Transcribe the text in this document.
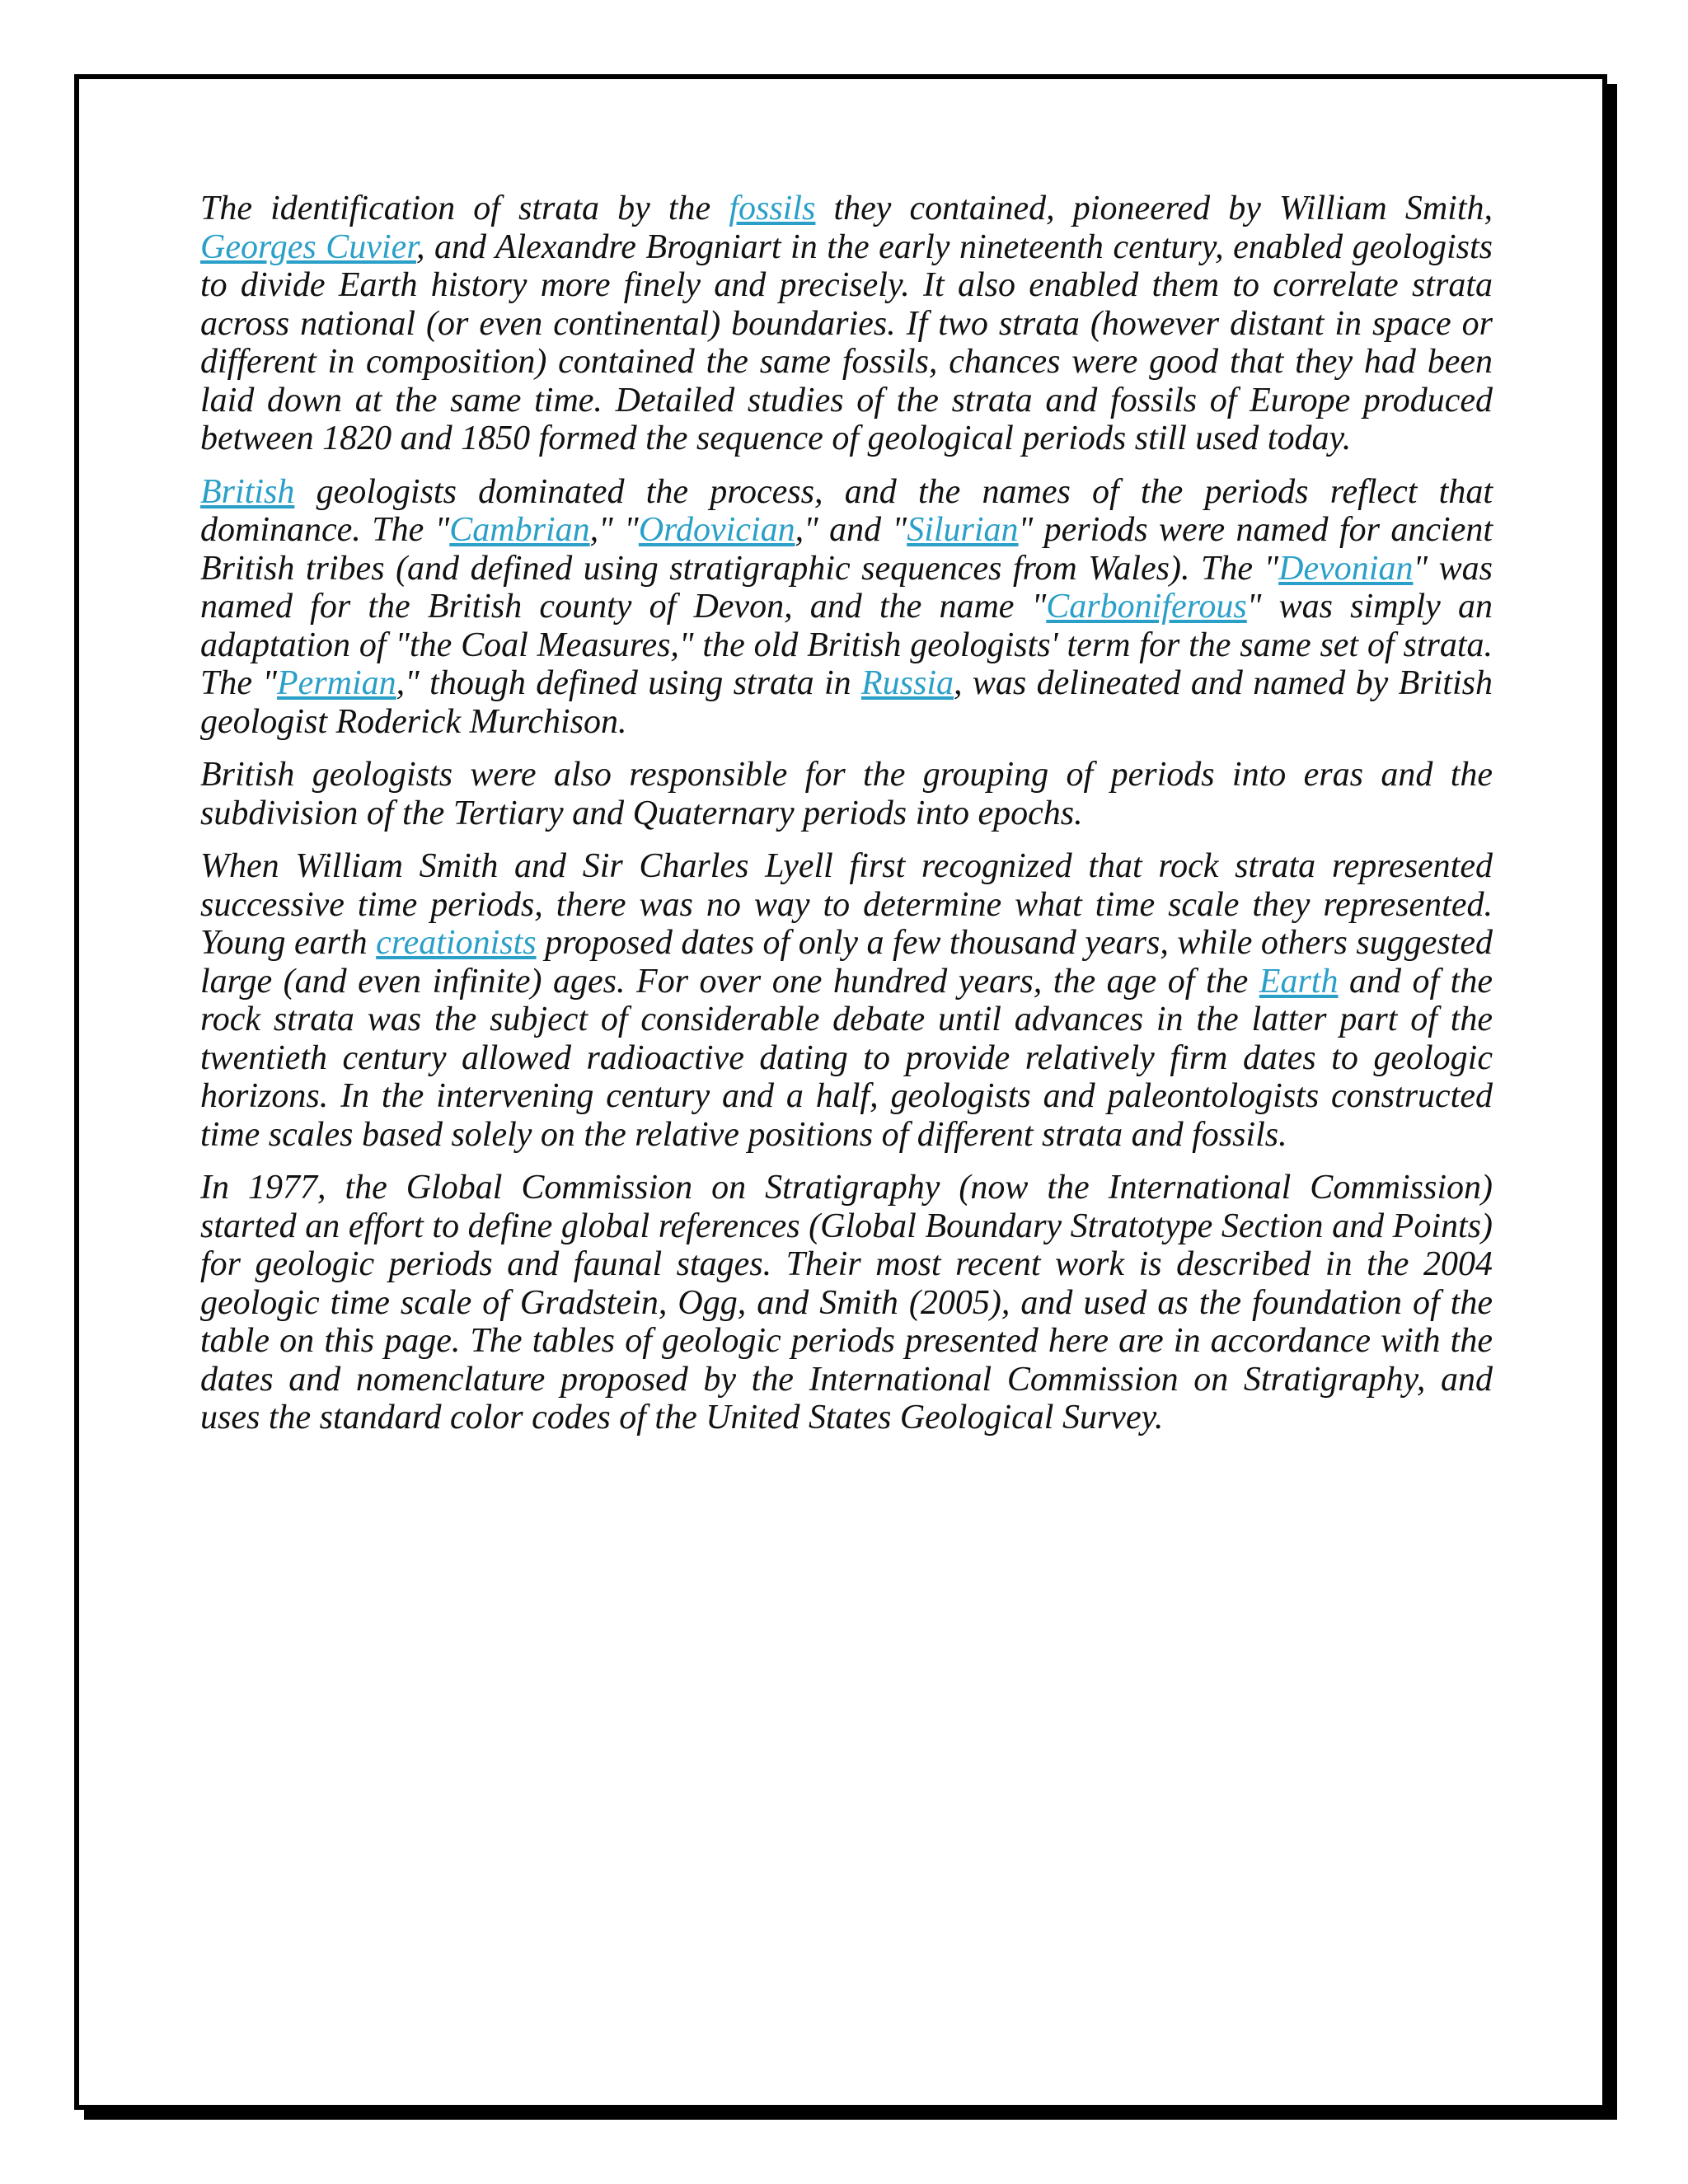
The identification of strata by the fossils they contained, pioneered by William Smith, Georges Cuvier, and Alexandre Brogniart in the early nineteenth century, enabled geologists to divide Earth history more finely and precisely. It also enabled them to correlate strata across national (or even continental) boundaries. If two strata (however distant in space or different in composition) contained the same fossils, chances were good that they had been laid down at the same time. Detailed studies of the strata and fossils of Europe produced between 1820 and 1850 formed the sequence of geological periods still used today.

British geologists dominated the process, and the names of the periods reflect that dominance. The "Cambrian," "Ordovician," and "Silurian" periods were named for ancient British tribes (and defined using stratigraphic sequences from Wales). The "Devonian" was named for the British county of Devon, and the name "Carboniferous" was simply an adaptation of "the Coal Measures," the old British geologists' term for the same set of strata. The "Permian," though defined using strata in Russia, was delineated and named by British geologist Roderick Murchison.

British geologists were also responsible for the grouping of periods into eras and the subdivision of the Tertiary and Quaternary periods into epochs.

When William Smith and Sir Charles Lyell first recognized that rock strata represented successive time periods, there was no way to determine what time scale they represented. Young earth creationists proposed dates of only a few thousand years, while others suggested large (and even infinite) ages. For over one hundred years, the age of the Earth and of the rock strata was the subject of considerable debate until advances in the latter part of the twentieth century allowed radioactive dating to provide relatively firm dates to geologic horizons. In the intervening century and a half, geologists and paleontologists constructed time scales based solely on the relative positions of different strata and fossils.

In 1977, the Global Commission on Stratigraphy (now the International Commission) started an effort to define global references (Global Boundary Stratotype Section and Points) for geologic periods and faunal stages. Their most recent work is described in the 2004 geologic time scale of Gradstein, Ogg, and Smith (2005), and used as the foundation of the table on this page. The tables of geologic periods presented here are in accordance with the dates and nomenclature proposed by the International Commission on Stratigraphy, and uses the standard color codes of the United States Geological Survey.
